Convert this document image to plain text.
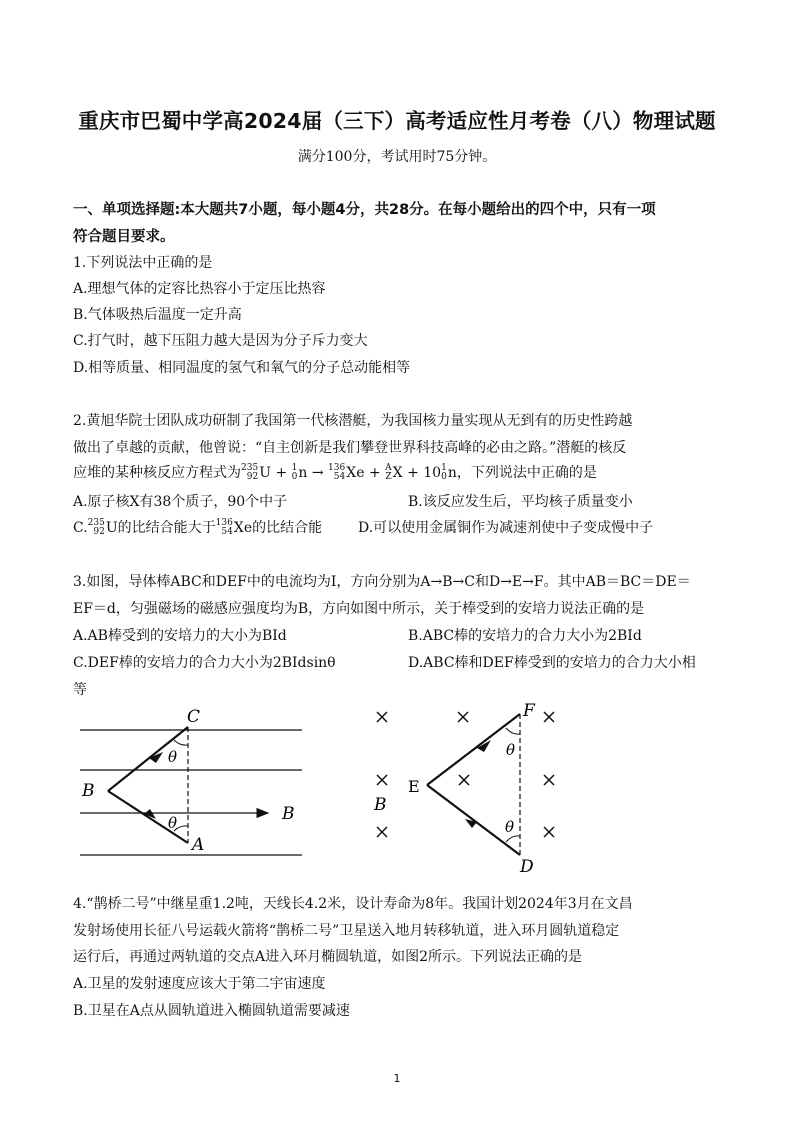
重庆市巴蜀中学高2024届（三下）高考适应性月考卷（八）物理试题
满分100分，考试用时75分钟。
一、单项选择题:本大题共7小题，每小题4分，共28分。在每小题给出的四个中，只有一项
符合题目要求。
1.下列说法中正确的是
A.理想气体的定容比热容小于定压比热容
B.气体吸热后温度一定升高
C.打气时，越下压阻力越大是因为分子斥力变大
D.相等质量、相同温度的氢气和氧气的分子总动能相等
2.黄旭华院士团队成功研制了我国第一代核潜艇，为我国核力量实现从无到有的历史性跨越
做出了卓越的贡献，他曾说：“自主创新是我们攀登世界科技高峰的必由之路。”潜艇的核反
应堆的某种核反应方程式为 235
92 U + 1
0 n → 136
54 Xe + A
Z X + 10 1
0 n，下列说法中正确的是
A.原子核X有38个质子，90个中子	B.该反应发生后，平均核子质量变小
C. 235
92 U的比结合能大于 136
54 Xe的比结合能	D.可以使用金属铜作为减速剂使中子变成慢中子
3.如图，导体棒ABC和DEF中的电流均为I，方向分别为A→B→C和D→E→F。其中AB＝BC＝DE＝
EF＝d，匀强磁场的磁感应强度均为B，方向如图中所示，关于棒受到的安培力说法正确的是
A.AB棒受到的安培力的大小为BId	B.ABC棒的安培力的合力大小为2BId
C.DEF棒的安培力的合力大小为2BIdsinθ	D.ABC棒和DEF棒受到的安培力的合力大小相
等
C
θ
B
θ
A
B
F
E
D
θ
θ
B
4.“鹊桥二号”中继星重1.2吨，天线长4.2米，设计寿命为8年。我国计划2024年3月在文昌
发射场使用长征八号运载火箭将“鹊桥二号”卫星送入地月转移轨道，进入环月圆轨道稳定
运行后，再通过两轨道的交点A进入环月椭圆轨道，如图2所示。下列说法正确的是
A.卫星的发射速度应该大于第二宇宙速度
B.卫星在A点从圆轨道进入椭圆轨道需要减速
1
